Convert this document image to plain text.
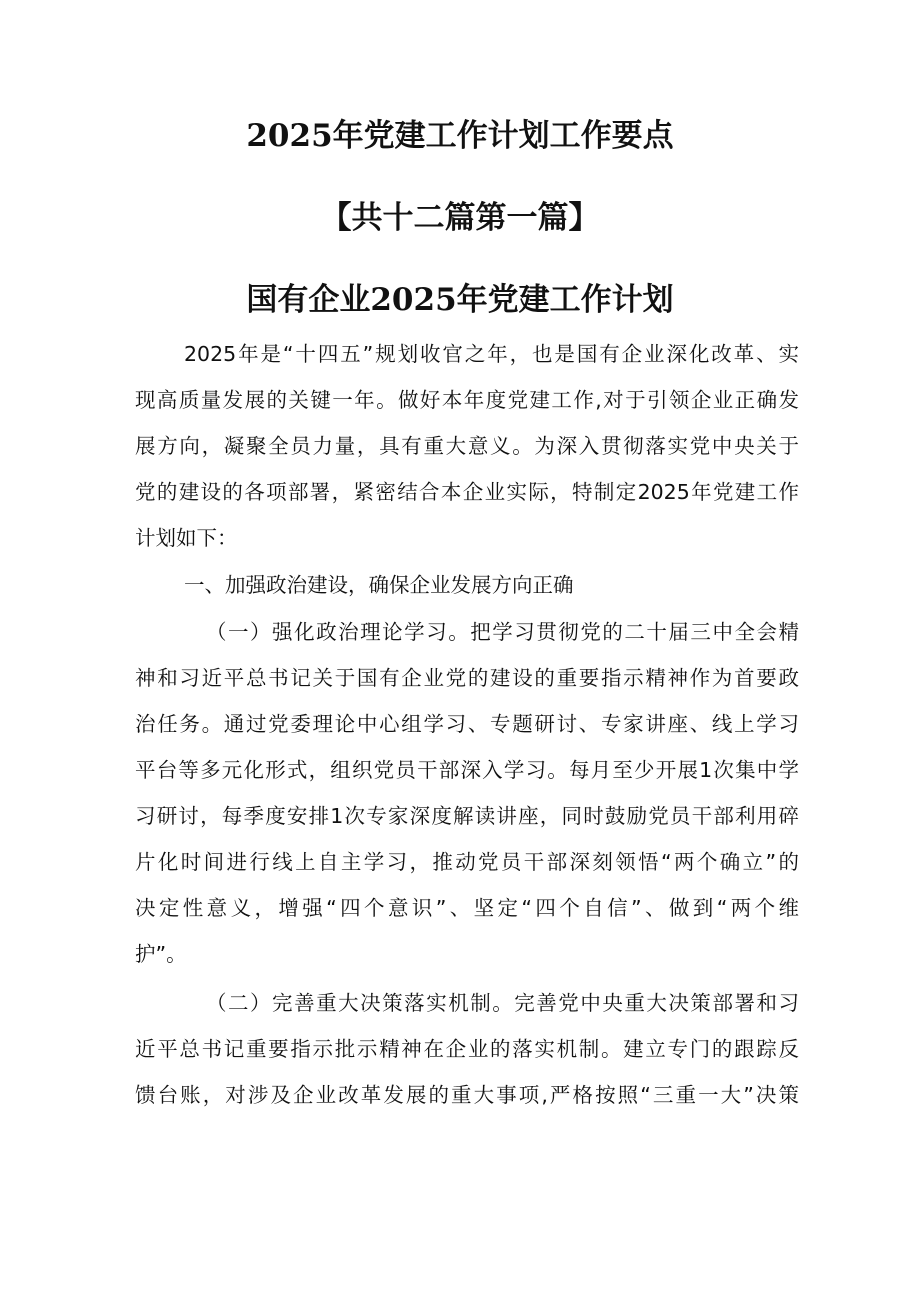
2025年党建工作计划工作要点
【共十二篇第一篇】
国有企业2025年党建工作计划
2025年是“十四五”规划收官之年，也是国有企业深化改革、实
现高质量发展的关键一年。做好本年度党建工作,对于引领企业正确发
展方向，凝聚全员力量，具有重大意义。为深入贯彻落实党中央关于
党的建设的各项部署，紧密结合本企业实际，特制定2025年党建工作
计划如下：
一、加强政治建设，确保企业发展方向正确
（一）强化政治理论学习。把学习贯彻党的二十届三中全会精
神和习近平总书记关于国有企业党的建设的重要指示精神作为首要政
治任务。通过党委理论中心组学习、专题研讨、专家讲座、线上学习
平台等多元化形式，组织党员干部深入学习。每月至少开展1次集中学
习研讨，每季度安排1次专家深度解读讲座，同时鼓励党员干部利用碎
片化时间进行线上自主学习，推动党员干部深刻领悟“两个确立”的
决定性意义，增强“四个意识”、坚定“四个自信”、做到“两个维
护”。
（二）完善重大决策落实机制。完善党中央重大决策部署和习
近平总书记重要指示批示精神在企业的落实机制。建立专门的跟踪反
馈台账，对涉及企业改革发展的重大事项,严格按照“三重一大”决策
